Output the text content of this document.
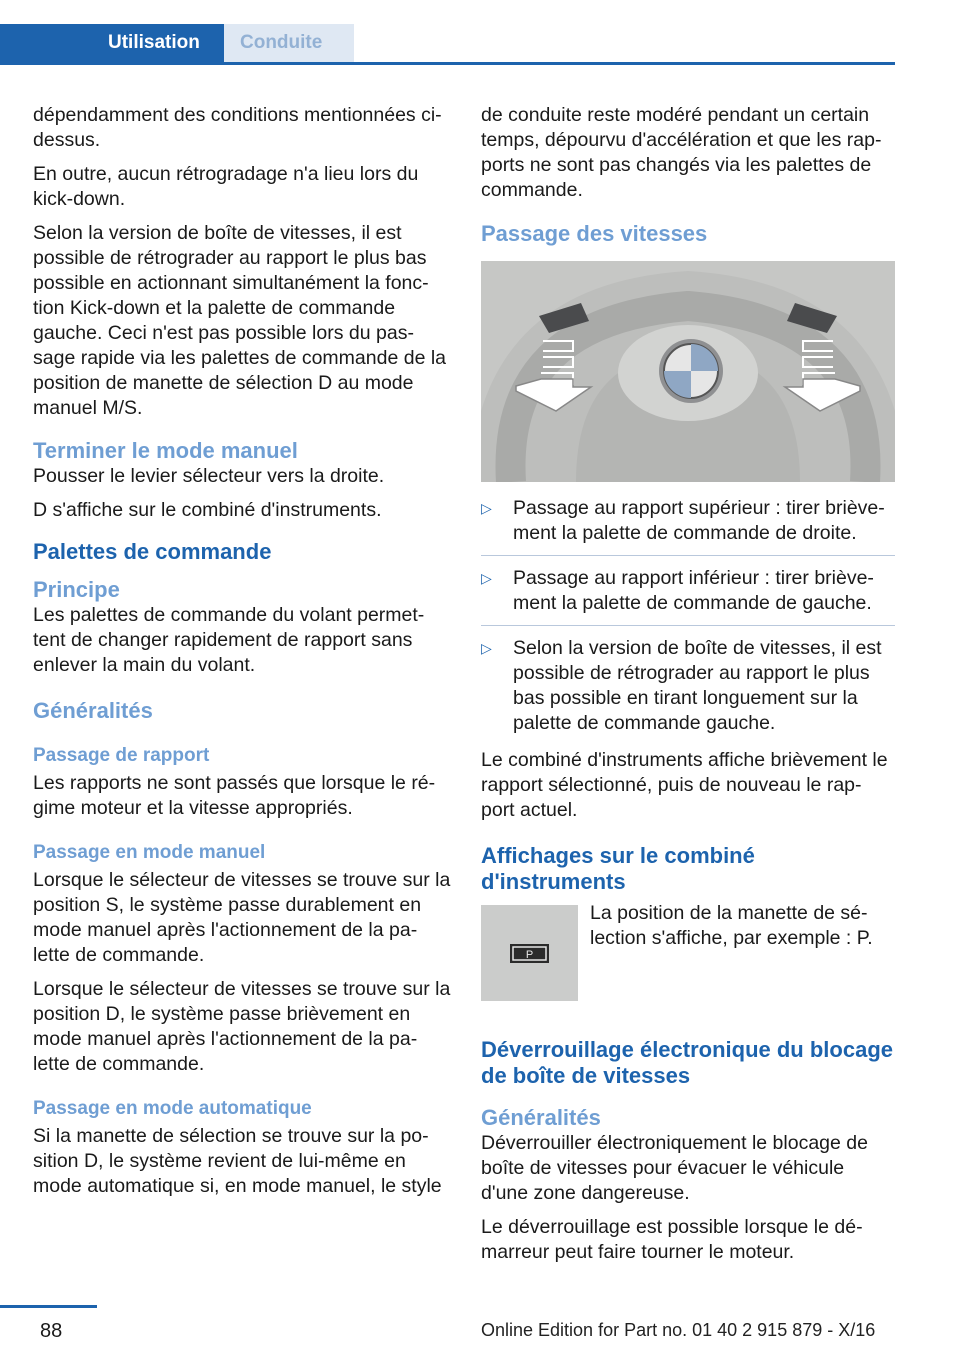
Utilisation Conduite

dépendamment des conditions mentionnées ci-dessus.

En outre, aucun rétrogradage n'a lieu lors du kick-down.

Selon la version de boîte de vitesses, il est possible de rétrograder au rapport le plus bas possible en actionnant simultanément la fonc‐tion Kick-down et la palette de commande gauche. Ceci n'est pas possible lors du pas‐sage rapide via les palettes de commande de la position de manette de sélection D au mode manuel M/S.

Terminer le mode manuel

Pousser le levier sélecteur vers la droite.

D s'affiche sur le combiné d'instruments.

Palettes de commande
Principe

Les palettes de commande du volant permet‐tent de changer rapidement de rapport sans enlever la main du volant.

Généralités
Passage de rapport

Les rapports ne sont passés que lorsque le ré‐gime moteur et la vitesse appropriés.

Passage en mode manuel

Lorsque le sélecteur de vitesses se trouve sur la position S, le système passe durablement en mode manuel après l'actionnement de la pa‐lette de commande.

Lorsque le sélecteur de vitesses se trouve sur la position D, le système passe brièvement en mode manuel après l'actionnement de la pa‐lette de commande.

Passage en mode automatique

Si la manette de sélection se trouve sur la po‐sition D, le système revient de lui-même en mode automatique si, en mode manuel, le style

de conduite reste modéré pendant un certain temps, dépourvu d'accélération et que les rap‐ports ne sont pas changés via les palettes de commande.

Passage des vitesses
▷ Passage au rapport supérieur : tirer briève‐ment la palette de commande de droite.
▷ Passage au rapport inférieur : tirer briève‐ment la palette de commande de gauche.
▷ Selon la version de boîte de vitesses, il est possible de rétrograder au rapport le plus bas possible en tirant longuement sur la palette de commande gauche.

Le combiné d'instruments affiche brièvement le rapport sélectionné, puis de nouveau le rap‐port actuel.

Affichages sur le combiné d'instruments
P
La position de la manette de sé‐lection s'affiche, par exemple : P.
Déverrouillage électronique du blocage de boîte de vitesses
Généralités

Déverrouiller électroniquement le blocage de boîte de vitesses pour évacuer le véhicule d'une zone dangereuse.

Le déverrouillage est possible lorsque le dé‐marreur peut faire tourner le moteur.

88	Online Edition for Part no. 01 40 2 915 879 - X/16
